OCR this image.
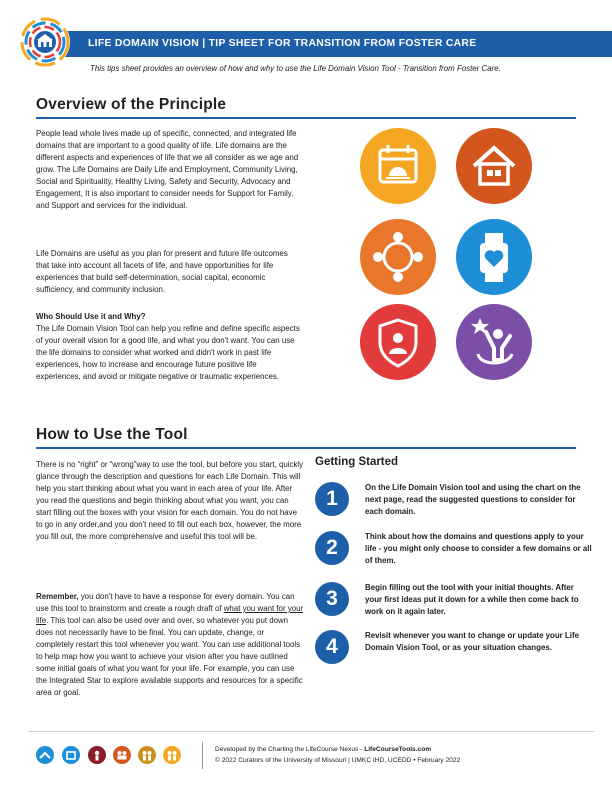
LIFE DOMAIN VISION | TIP SHEET FOR TRANSITION FROM FOSTER CARE
This tips sheet provides an overview of how and why to use the Life Domain Vision Tool - Transition from Foster Care.
Overview of the Principle

People lead whole lives made up of specific, connected, and integrated life domains that are important to a good quality of life. Life domains are the different aspects and experiences of life that we all consider as we age and grow. The Life Domains are Daily Life and Employment, Community Living, Social and Spirituality, Healthy Living, Safety and Security, Advocacy and Engagement, It is also important to consider needs for Support for Family, and Support and services for the individual.

Life Domains are useful as you plan for present and future life outcomes that take into account all facets of life, and have opportunities for life experiences that build self-determination, social capital, economic sufficiency, and community inclusion.

Who Should Use it and Why?

The Life Domain Vision Tool can help you refine and define specific aspects of your overall vision for a good life, and what you don't want. You can use the life domains to consider what worked and didn't work in past life experiences, how to increase and encourage future positive life experiences, and avoid or mitigate negative or traumatic experiences.

How to Use the Tool

There is no “right” or “wrong”way to use the tool, but before you start, quickly glance through the description and questions for each Life Domain. This will help you start thinking about what you want in each area of your life. After you read the questions and begin thinking about what you want, you can start filling out the boxes with your vision for each domain. You do not have to go in any order,and you don't need to fill out each box, however, the more you fill out, the more comprehensive and useful this tool will be.

Remember, you don't have to have a response for every domain. You can use this tool to brainstorm and create a rough draft of what you want for your life. This tool can also be used over and over, so whatever you put down does not necessarily have to be final. You can update, change, or completely restart this tool whenever you want. You can use additional tools to help map how you want to achieve your vision after you have outlined some initial goals of what you want for your life. For example, you can use the Integrated Star to explore available supports and resources for a specific area or goal.

Getting Started
1	On the Life Domain Vision tool and using the chart on the next page, read the suggested questions to consider for each domain.
2	Think about how the domains and questions apply to your life - you might only choose to consider a few domains or all of them.
3	Begin filling out the tool with your initial thoughts. After your first ideas put it down for a while then come back to work on it again later.
4	Revisit whenever you want to change or update your Life Domain Vision Tool, or as your situation changes.
Developed by the Charting the LifeCourse Nexus - LifeCourseTools.com
© 2022 Curators of the University of Missouri | UMKC IHD, UCEDD • February 2022
